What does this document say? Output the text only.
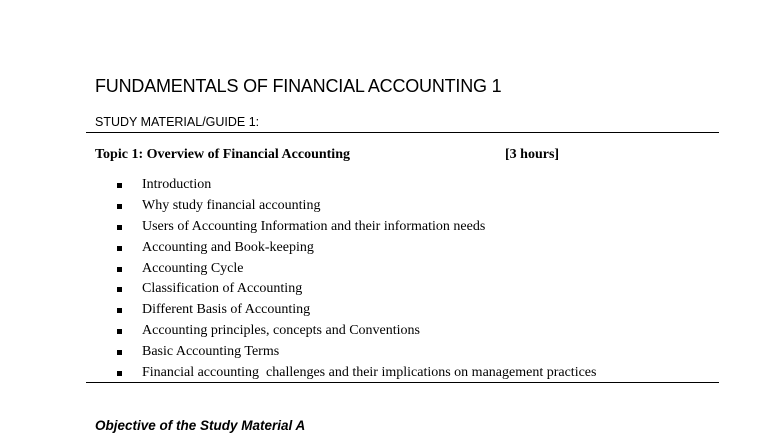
FUNDAMENTALS OF FINANCIAL ACCOUNTING 1
STUDY MATERIAL/GUIDE 1:
Topic 1: Overview of Financial Accounting	[3 hours]
Introduction
Why study financial accounting
Users of Accounting Information and their information needs
Accounting and Book-keeping
Accounting Cycle
Classification of Accounting
Different Basis of Accounting
Accounting principles, concepts and Conventions
Basic Accounting Terms
Financial accounting  challenges and their implications on management practices
Objective of the Study Material A
